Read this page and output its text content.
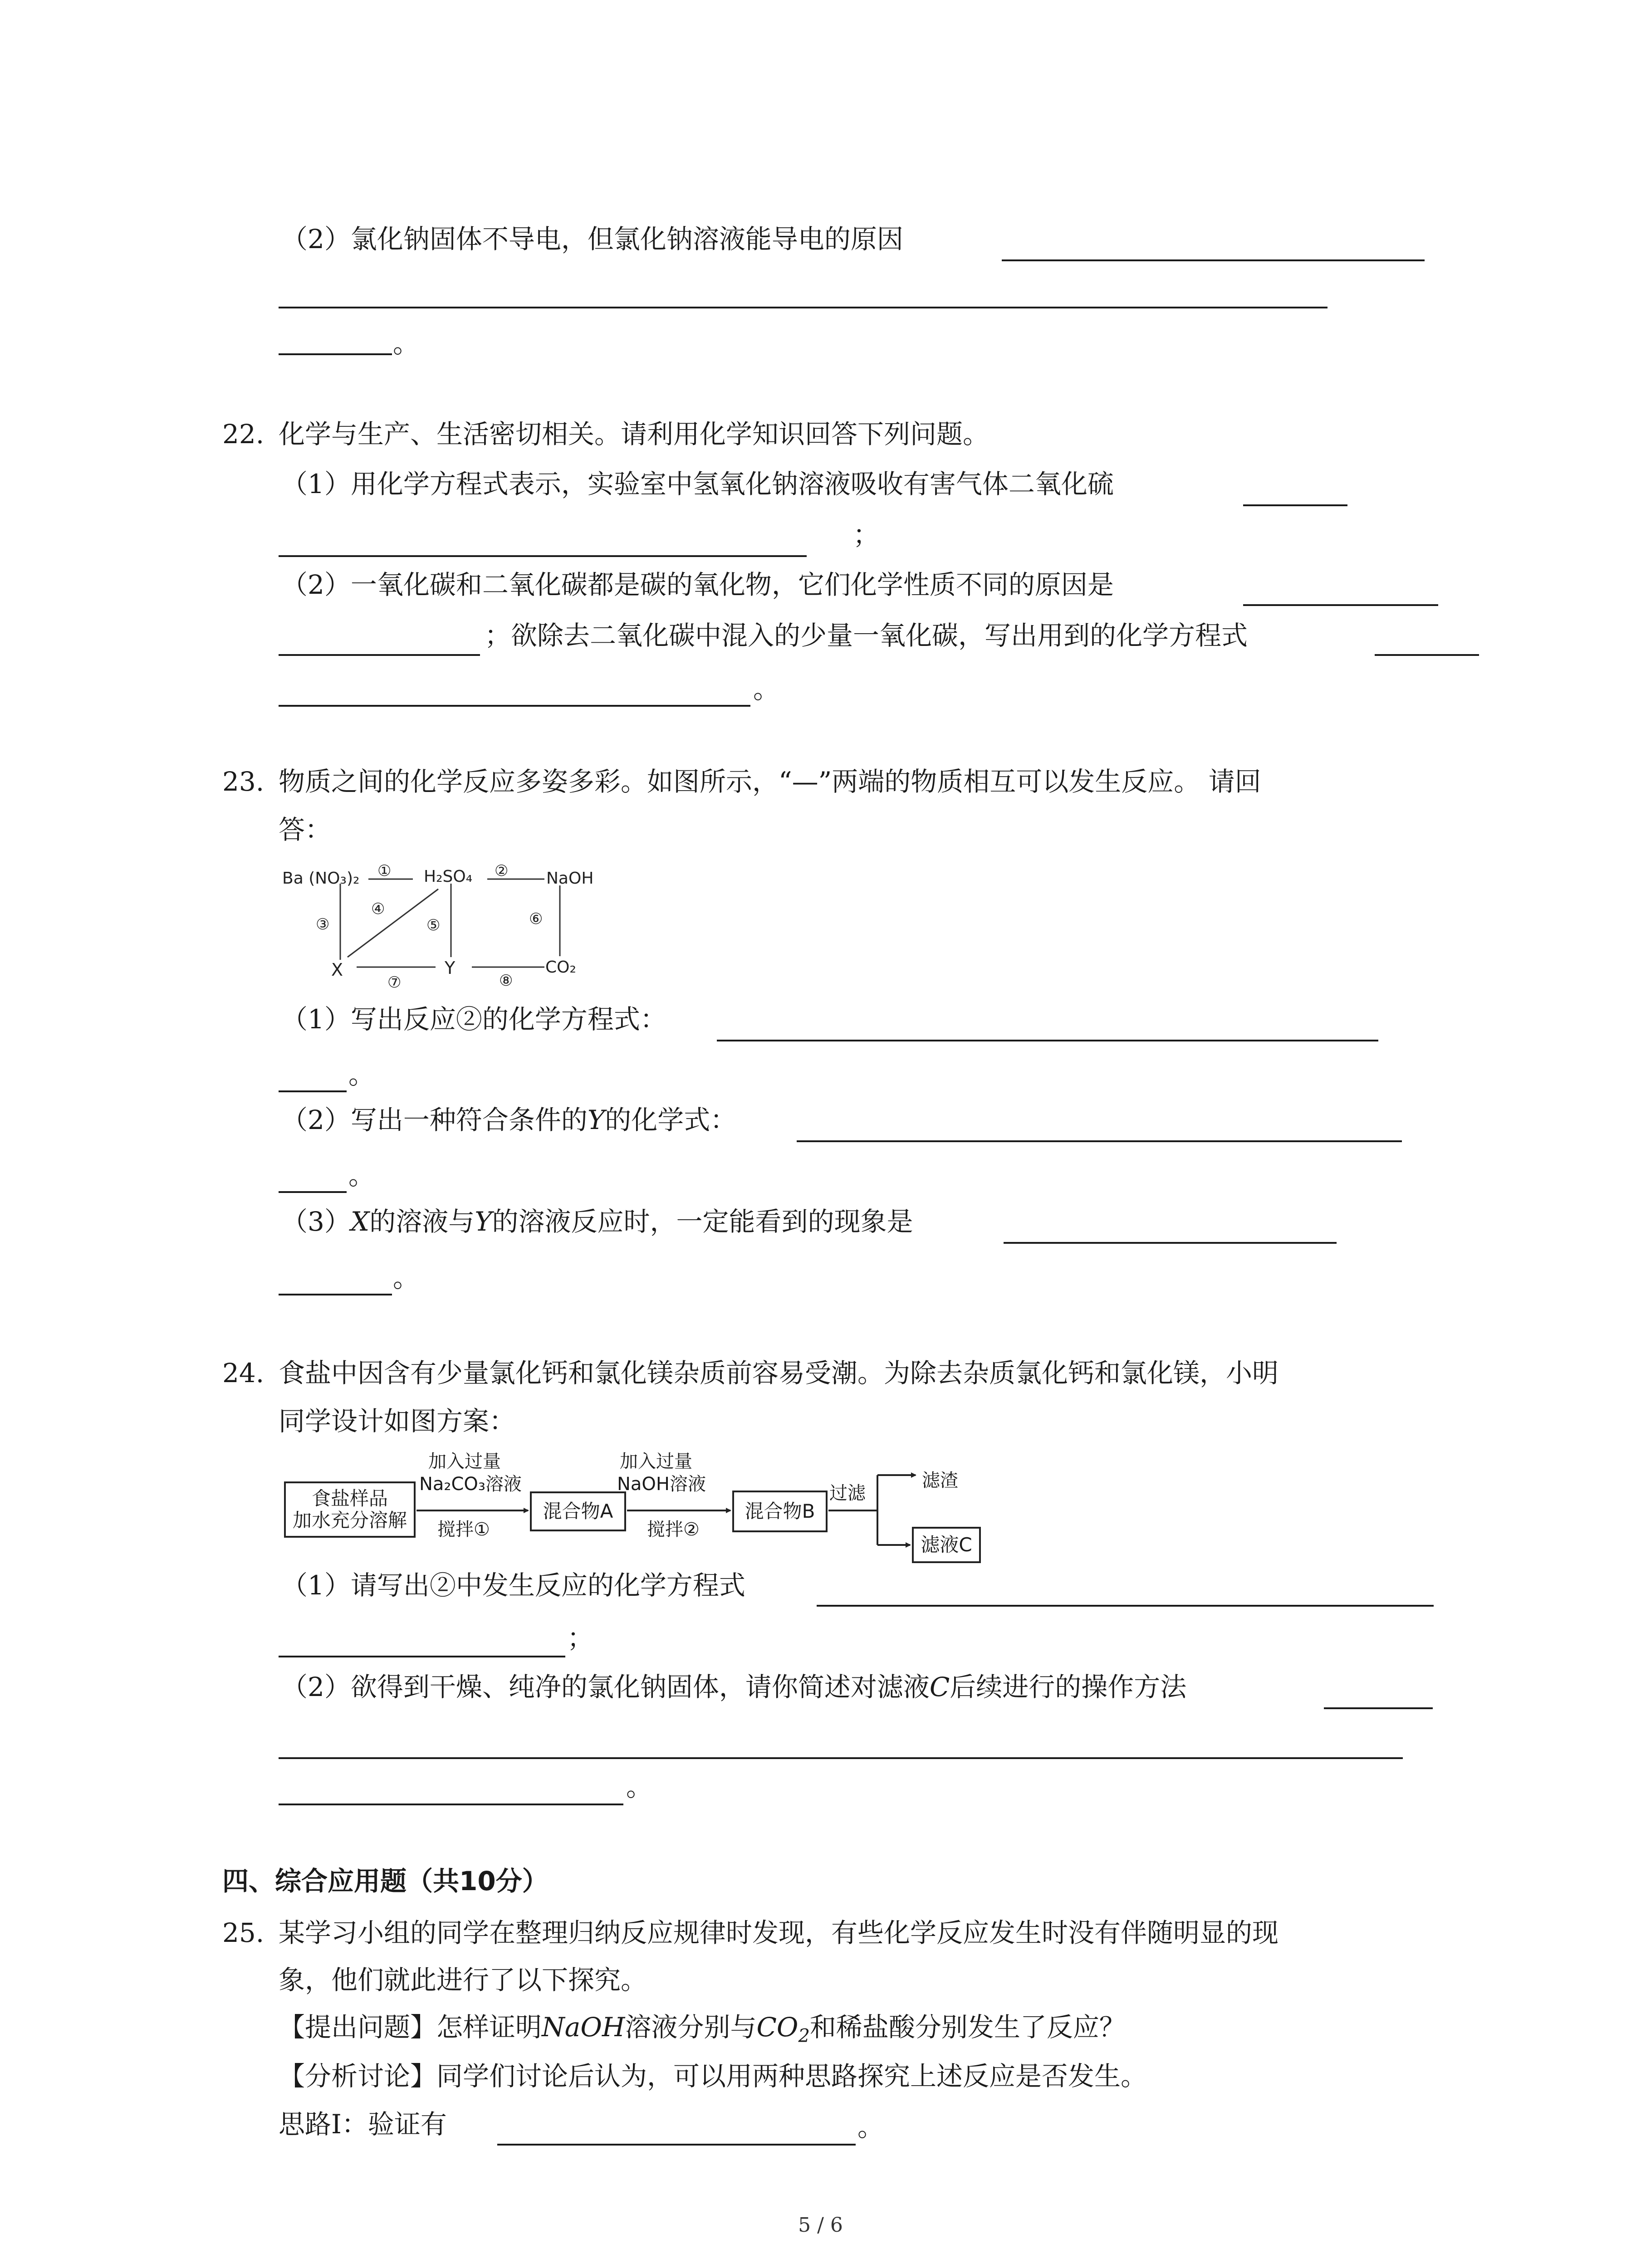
（2）氯化钠固体不导电，但氯化钠溶液能导电的原因
。
22. 化学与生产、生活密切相关。请利用化学知识回答下列问题。
（1）用化学方程式表示，实验室中氢氧化钠溶液吸收有害气体二氧化硫
；
（2）一氧化碳和二氧化碳都是碳的氧化物，它们化学性质不同的原因是
；欲除去二氧化碳中混入的少量一氧化碳，写出用到的化学方程式
。
23. 物质之间的化学反应多姿多彩。如图所示，“—”两端的物质相互可以发生反应。 请回
答：
Ba (NO₃)₂	H₂SO₄	NaOH
X	Y	CO₂
①	②
③
④
⑤	⑥
⑦	⑧
（1）写出反应②的化学方程式：
。
（2）写出一种符合条件的Y的化学式：
。
（3）X的溶液与Y的溶液反应时，一定能看到的现象是
。
24. 食盐中因含有少量氯化钙和氯化镁杂质前容易受潮。为除去杂质氯化钙和氯化镁，小明
同学设计如图方案：
食盐样品
加水充分溶解
加入过量
Na₂CO₃溶液
搅拌①
混合物A
加入过量
NaOH溶液
搅拌②
混合物B
过滤
滤渣
滤液C
（1）请写出②中发生反应的化学方程式
；
（2）欲得到干燥、纯净的氯化钠固体，请你简述对滤液C后续进行的操作方法
。
四、综合应用题（共10分）
25. 某学习小组的同学在整理归纳反应规律时发现，有些化学反应发生时没有伴随明显的现
象，他们就此进行了以下探究。
【提出问题】怎样证明NaOH溶液分别与$CO_2$和稀盐酸分别发生了反应？
【分析讨论】同学们讨论后认为，可以用两种思路探究上述反应是否发生。
思路Ⅰ：验证有	。
5 / 6
